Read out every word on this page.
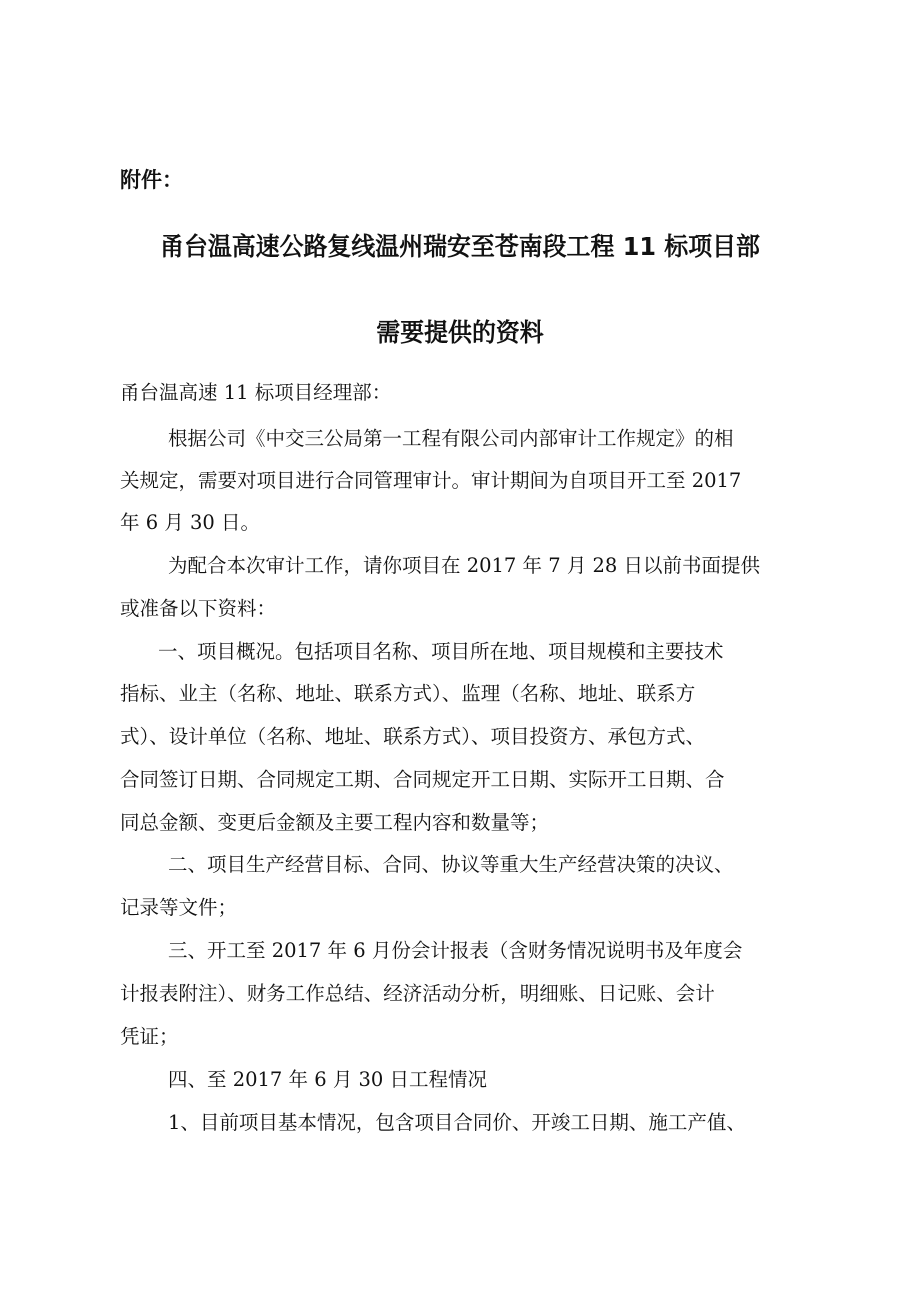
附件：
甬台温高速公路复线温州瑞安至苍南段工程 11 标项目部
需要提供的资料
甬台温高速 11 标项目经理部：
根据公司《中交三公局第一工程有限公司内部审计工作规定》的相
关规定，需要对项目进行合同管理审计。审计期间为自项目开工至 2017
年 6 月 30 日。
为配合本次审计工作，请你项目在 2017 年 7 月 28 日以前书面提供
或准备以下资料：
一、项目概况。包括项目名称、项目所在地、项目规模和主要技术
指标、业主（名称、地址、联系方式）、监理（名称、地址、联系方
式）、设计单位（名称、地址、联系方式）、项目投资方、承包方式、
合同签订日期、合同规定工期、合同规定开工日期、实际开工日期、合
同总金额、变更后金额及主要工程内容和数量等；
二、项目生产经营目标、合同、协议等重大生产经营决策的决议、
记录等文件；
三、开工至 2017 年 6 月份会计报表（含财务情况说明书及年度会
计报表附注）、财务工作总结、经济活动分析，明细账、日记账、会计
凭证；
四、至 2017 年 6 月 30 日工程情况
1、目前项目基本情况，包含项目合同价、开竣工日期、施工产值、
